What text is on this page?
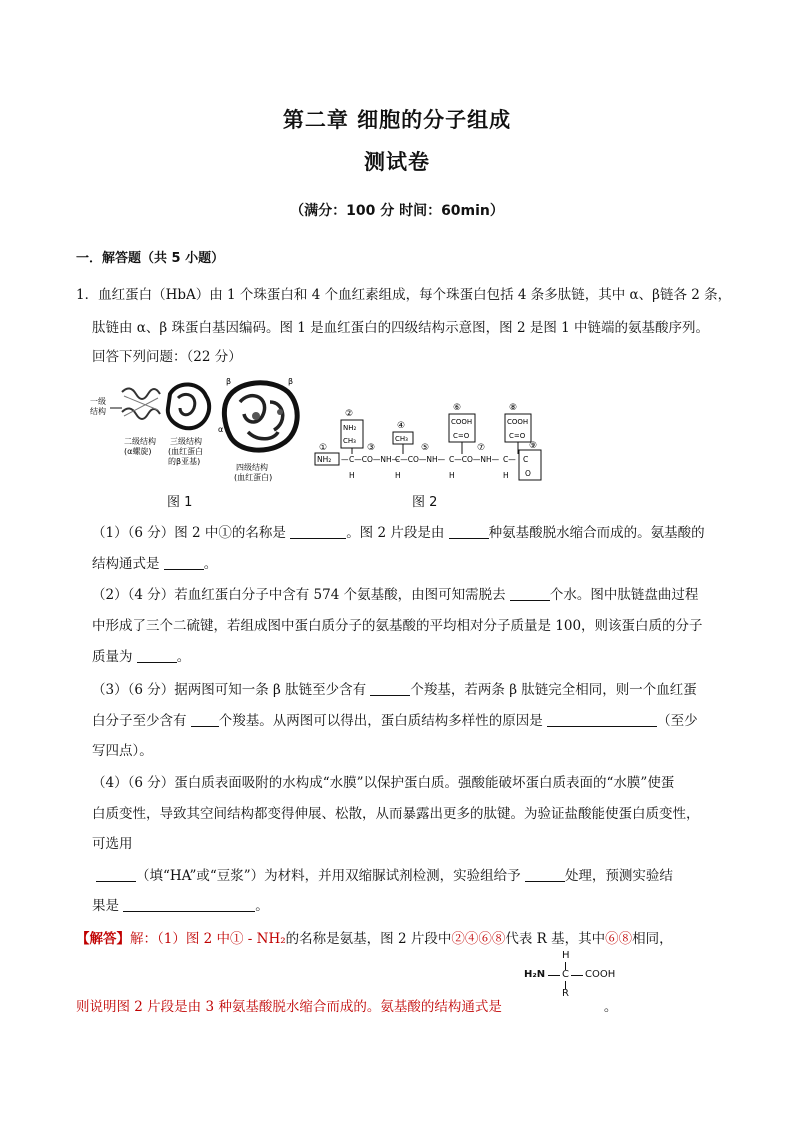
第二章 细胞的分子组成
测试卷
（满分：100 分 时间：60min）
一．解答题（共 5 小题）
1．血红蛋白（HbA）由 1 个珠蛋白和 4 个血红素组成，每个珠蛋白包括 4 条多肽链，其中 α、β链各 2 条，
肽链由 α、β 珠蛋白基因编码。图 1 是血红蛋白的四级结构示意图，图 2 是图 1 中链端的氨基酸序列。
回答下列问题：（22 分）
一级
结构
二级结构
(α螺旋)
三级结构
(血红蛋白
的β亚基)
β	β
α
四级结构
(血红蛋白)
图 1
①
②
③
④
⑤
⑥
⑦
⑧
⑨
NH₂
NH₂
CH₃	CH₃
COOH
C=O
COOH
C=O
— C—CO—NH—
C—CO—NH— C—CO—NH— C— C
O
H	H	H	H
图 2
（1）（6 分）图 2 中①的名称是	。图 2 片段是由	种氨基酸脱水缩合而成的。氨基酸的
结构通式是	。
（2）（4 分）若血红蛋白分子中含有 574 个氨基酸，由图可知需脱去	个水。图中肽链盘曲过程
中形成了三个二硫键，若组成图中蛋白质分子的氨基酸的平均相对分子质量是 100，则该蛋白质的分子
质量为	。
（3）（6 分）据两图可知一条 β 肽链至少含有	个羧基，若两条 β 肽链完全相同，则一个血红蛋
白分子至少含有 个羧基。从两图可以得出，蛋白质结构多样性的原因是	（至少
写四点）。
（4）（6 分）蛋白质表面吸附的水构成“水膜”以保护蛋白质。强酸能破坏蛋白质表面的“水膜”使蛋
白质变性，导致其空间结构都变得伸展、松散，从而暴露出更多的肽键。为验证盐酸能使蛋白质变性，
可选用
（填“HA”或“豆浆”）为材料，并用双缩脲试剂检测，实验组给予	处理，预测实验结
果是	。
【解答】解：（1）图 2 中① - NH₂的名称是氨基，图 2 片段中②④⑥⑧代表 R 基，其中⑥⑧相同，
H
H₂N C COOH
R
则说明图 2 片段是由 3 种氨基酸脱水缩合而成的。氨基酸的结构通式是	。
